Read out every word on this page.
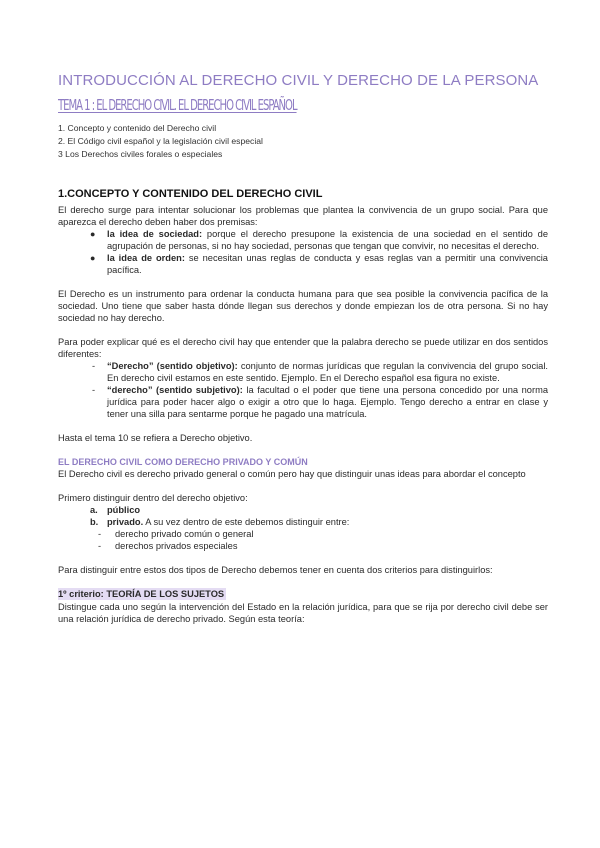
INTRODUCCIÓN AL DERECHO CIVIL Y DERECHO DE LA PERSONA
TEMA 1 : EL DERECHO CIVIL. EL DERECHO CIVIL ESPAÑOL
1. Concepto y contenido del Derecho civil
2. El Código civil español y la legislación civil especial
3 Los Derechos civiles forales o especiales
1.CONCEPTO Y CONTENIDO DEL DERECHO CIVIL

El derecho surge para intentar solucionar los problemas que plantea la convivencia de un grupo social. Para que aparezca el derecho deben haber dos premisas:

● la idea de sociedad: porque el derecho presupone la existencia de una sociedad en el sentido de agrupación de personas, si no hay sociedad, personas que tengan que convivir, no necesitas el derecho.
● la idea de orden: se necesitan unas reglas de conducta y esas reglas van a permitir una convivencia pacífica.

El Derecho es un instrumento para ordenar la conducta humana para que sea posible la convivencia pacífica de la sociedad. Uno tiene que saber hasta dónde llegan sus derechos y donde empiezan los de otra persona. Si no hay sociedad no hay derecho.

Para poder explicar qué es el derecho civil hay que entender que la palabra derecho se puede utilizar en dos sentidos diferentes:

- “Derecho” (sentido objetivo): conjunto de normas jurídicas que regulan la convivencia del grupo social. En derecho civil estamos en este sentido. Ejemplo. En el Derecho español esa figura no existe.
- “derecho” (sentido subjetivo): la facultad o el poder que tiene una persona concedido por una norma jurídica para poder hacer algo o exigir a otro que lo haga. Ejemplo. Tengo derecho a entrar en clase y tener una silla para sentarme porque he pagado una matrícula.

Hasta el tema 10 se refiera a Derecho objetivo.

EL DERECHO CIVIL COMO DERECHO PRIVADO Y COMÚN

El Derecho civil es derecho privado general o común pero hay que distinguir unas ideas para abordar el concepto

Primero distinguir dentro del derecho objetivo:

a. público
b. privado. A su vez dentro de este debemos distinguir entre:
- derecho privado común o general
- derechos privados especiales

Para distinguir entre estos dos tipos de Derecho debemos tener en cuenta dos criterios para distinguirlos:

1º criterio: TEORÍA DE LOS SUJETOS

Distingue cada uno según la intervención del Estado en la relación jurídica, para que se rija por derecho civil debe ser una relación jurídica de derecho privado. Según esta teoría:
